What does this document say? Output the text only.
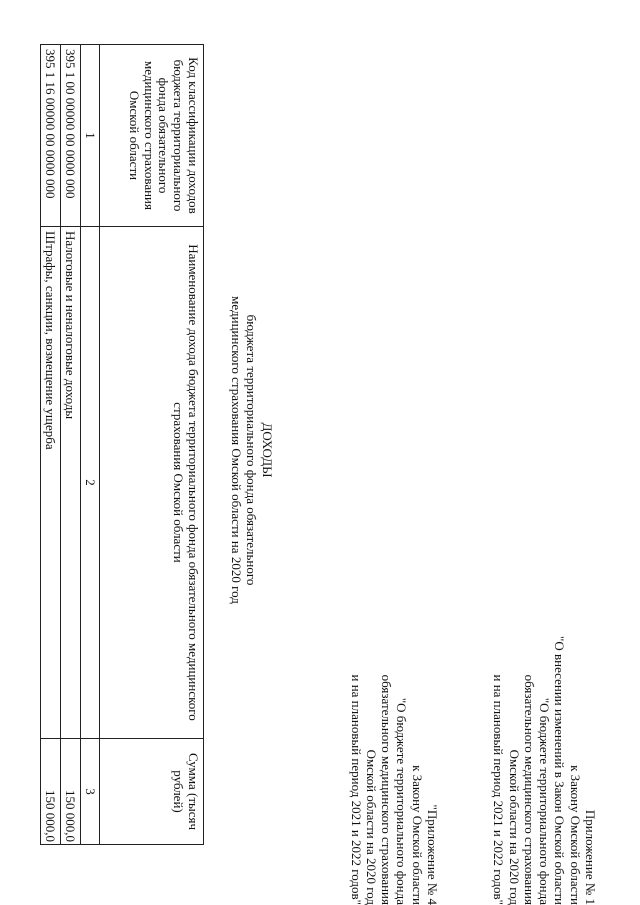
Приложение № 1
к Закону Омской области
"О внесении изменений в Закон Омской области
"О бюджете территориального фонда
обязательного медицинского страхования
Омской области на 2020 год
и на плановый период 2021 и 2022 годов"
"Приложение № 4
к Закону Омской области
"О бюджете территориального фонда
обязательного медицинского страхования
Омской области на 2020 год
и на плановый период 2021 и 2022 годов"
ДОХОДЫ
бюджета территориального фонда обязательного
медицинского страхования Омской области на 2020 год
Код классификации доходов бюджета территориального фонда обязательного медицинского страхования Омской области	Наименование дохода бюджета территориального фонда обязательного медицинского страхования Омской области	Сумма (тысяч рублей)
1	2	3
395 1 00 00000 00 0000 000	Налоговые и неналоговые доходы	150 000,0
395 1 16 00000 00 0000 000	Штрафы, санкции, возмещение ущерба	150 000,0
